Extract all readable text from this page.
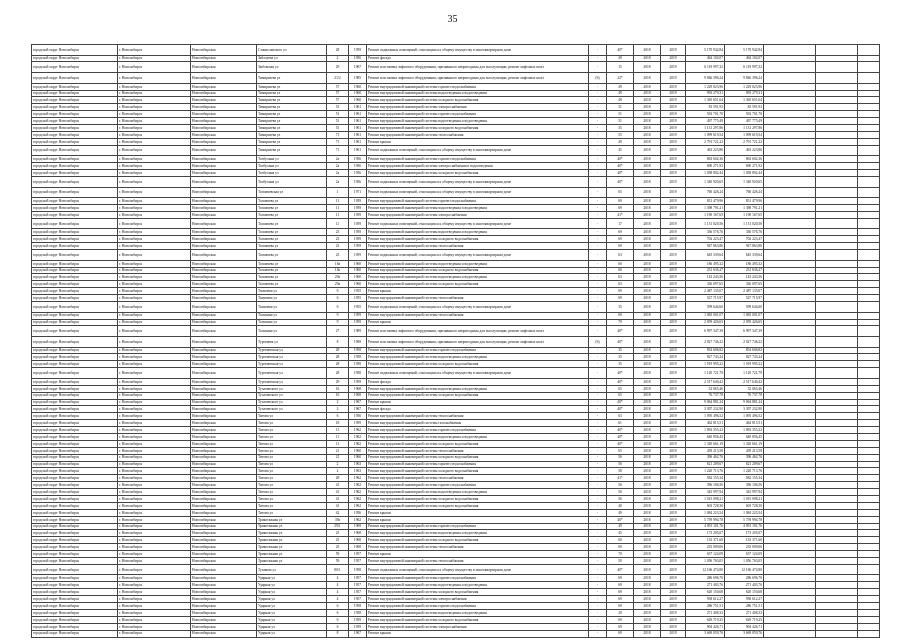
35
городской округ Новосибирск	г. Новосибирск	Новосибирская	Станиславского ул	28	1959	Ремонт подвальных помещений, относящихся к общему имуществу в многоквартирном доме	-	40*	2018	2019	5 170 942,84	5 170 942,84			
городской округ Новосибирск	г. Новосибирск	Новосибирская	Забалуева ул	2	1956	Ремонт фасада	-	49	2018	2019	464 102,07	464 102,07			
городской округ Новосибирск	г. Новосибирск	Новосибирская	Зыбовская ул	29	1967	Ремонт или замена лифтового оборудования, признанного непригодным для эксплуатации, ремонт лифтовых шахт	-	15	2018	2019	6 119 997,32	6 119 997,32			
городской округ Новосибирск	г. Новосибирск	Новосибирская	Тимирязева ул	21/2	1985	Ремонт или замена лифтового оборудования, признанного непригодным для эксплуатации, ремонт лифтовых шахт	(6)	22*	2018	2019	9 846 396,24	9 846 396,24			
городской округ Новосибирск	г. Новосибирск	Новосибирская	Тимирязева ул	57	1960	Ремонт внутридомовой инженерной системы горячего водоснабжения	-	49	2018	2019	1 229 023,96	1 229 023,96			
городской округ Новосибирск	г. Новосибирск	Новосибирская	Тимирязева ул	57	1960	Ремонт внутридомовой инженерной системы водоотведения и водоотведения	-	49	2018	2019	993 279,31	993 279,31			
городской округ Новосибирск	г. Новосибирск	Новосибирская	Тимирязева ул	57	1960	Ремонт внутридомовой инженерной системы холодного водоснабжения	-	49	2018	2019	1 365 651,64	1 365 651,64			
городской округ Новосибирск	г. Новосибирск	Новосибирская	Тимирязева ул	51	1961	Ремонт внутридомовой инженерной системы электроснабжения	-	51	2018	2019	83 591,93	83 591,93			
городской округ Новосибирск	г. Новосибирск	Новосибирская	Тимирязева ул	51	1961	Ремонт внутридомовой инженерной системы горячего водоснабжения	-	51	2018	2019	592 701,70	592 701,70			
городской округ Новосибирск	г. Новосибирск	Новосибирская	Тимирязева ул	51	1961	Ремонт внутридомовой инженерной системы водоотведения и водоотведения	-	51	2018	2019	497 775,49	497 775,49			
городской округ Новосибирск	г. Новосибирск	Новосибирская	Тимирязева ул	51	1961	Ремонт внутридомовой инженерной системы холодного водоснабжения	-	35	2018	2019	1 131 297,86	1 131 297,86			
городской округ Новосибирск	г. Новосибирск	Новосибирская	Тимирязева ул	71	1961	Ремонт внутридомовой инженерной системы теплоснабжения	-	55	2018	2019	1 099 619,54	1 099 619,54			
городской округ Новосибирск	г. Новосибирск	Новосибирская	Тимирязева ул	71	1961	Ремонт крыши	-	49	2018	2019	2 791 721,22	2 791 721,22			
городской округ Новосибирск	г. Новосибирск	Новосибирская	Тимирязева ул	71	1961	Ремонт подвальных помещений, относящихся к общему имуществу в многоквартирном доме	-	45	2018	2019	463 223,86	463 223,86			
городской округ Новосибирск	г. Новосибирск	Новосибирская	Толбухина ул	2а	1956	Ремонт внутридомовой инженерной системы горячего водоснабжения	-	40*	2018	2019	863 602,36	863 602,36			
городской округ Новосибирск	г. Новосибирск	Новосибирская	Толбухина ул	2а	1956	Ремонт внутридомовой инженерной системы электроснабжения и водоотведения	-	40*	2018	2019	690 271,92	690 271,92			
городской округ Новосибирск	г. Новосибирск	Новосибирская	Толбухина ул	2а	1956	Ремонт внутридомовой инженерной системы холодного водоснабжения	-	40*	2018	2019	1 058 802,44	1 058 802,44			
городской округ Новосибирск	г. Новосибирск	Новосибирская	Толбухина ул	2а	1956	Ремонт подвальных помещений, относящихся к общему имуществу в многоквартирном доме	-	40*	2018	2019	1 340 920,65	1 340 920,65			
городской округ Новосибирск	г. Новосибирск	Новосибирская	Толмачевская ул	1	1971	Ремонт подвальных помещений, относящихся к общему имуществу в многоквартирном доме	-	65	2018	2019	760 426,24	760 426,24			
городской округ Новосибирск	г. Новосибирск	Новосибирская	Толмачева ул	11	1959	Ремонт внутридомовой инженерной системы горячего водоснабжения	-	69	2018	2019	831 479,96	831 479,96			
городской округ Новосибирск	г. Новосибирск	Новосибирская	Толмачева ул	11	1959	Ремонт внутридомовой инженерной системы водоотведения и водоотведения	-	69	2018	2019	1 398 791,21	1 398 791,21			
городской округ Новосибирск	г. Новосибирск	Новосибирская	Толмачева ул	11	1959	Ремонт внутридомовой инженерной системы электроснабжения	-	41*	2018	2019	1 190 167,65	1 190 167,65			
городской округ Новосибирск	г. Новосибирск	Новосибирская	Толмачева ул	11	1959	Ремонт подвальных помещений, относящихся к общему имуществу в многоквартирном доме	-	17	2018	2019	1 151 020,56	1 151 020,56			
городской округ Новосибирск	г. Новосибирск	Новосибирская	Толмачева ул	23	1959	Ремонт внутридомовой инженерной системы водоотведения и водоотведения	-	69	2018	2019	336 576,76	336 576,76			
городской округ Новосибирск	г. Новосибирск	Новосибирская	Толмачева ул	23	1959	Ремонт внутридомовой инженерной системы холодного водоснабжения	-	69	2018	2019	702 223,47	702 223,47			
городской округ Новосибирск	г. Новосибирск	Новосибирская	Толмачева ул	23	1959	Ремонт внутридомовой инженерной системы теплоснабжения	-	69	2018	2019	947 863,86	947 863,86			
городской округ Новосибирск	г. Новосибирск	Новосибирская	Толмачева ул	23	1959	Ремонт подвальных помещений, относящихся к общему имуществу в многоквартирном доме	-	63	2018	2019	645 339,64	645 339,64			
городской округ Новосибирск	г. Новосибирск	Новосибирская	Толмачева ул	18а	1960	Ремонт внутридомовой инженерной системы водоотведения и водоотведения	-	60	2018	2019	186 495,32	186 495,32			
городской округ Новосибирск	г. Новосибирск	Новосибирская	Толмачева ул	18а	1960	Ремонт внутридомовой инженерной системы холодного водоснабжения	-	60	2018	2019	231 636,27	231 636,27			
городской округ Новосибирск	г. Новосибирск	Новосибирская	Толмачева ул	29а	1960	Ремонт внутридомовой инженерной системы водоотведения и водоотведения	-	63	2018	2019	143 243,56	143 243,56			
городской округ Новосибирск	г. Новосибирск	Новосибирская	Толмачева ул	29а	1960	Ремонт внутридомовой инженерной системы холодного водоснабжения	-	63	2018	2019	336 097,65	336 097,65			
городской округ Новосибирск	г. Новосибирск	Новосибирская	Томичева ул	6	1955	Ремонт крыши	-	69	2018	2019	2 487 135,07	2 487 135,07			
городской округ Новосибирск	г. Новосибирск	Новосибирская	Томичева ул	6	1955	Ремонт внутридомовой инженерной системы теплоснабжения	-	69	2018	2019	527 715,97	527 715,97			
городской округ Новосибирск	г. Новосибирск	Новосибирская	Томичева ул	6	1955	Ремонт подвальных помещений, относящихся к общему имуществу в многоквартирном доме	-	35	2018	2019	599 644,60	599 644,60			
городской округ Новосибирск	г. Новосибирск	Новосибирская	Тольмана ул	9	1959	Ремонт внутридомовой инженерной системы теплоснабжения	-	60	2018	2019	1 065 001,07	1 065 001,07			
городской округ Новосибирск	г. Новосибирск	Новосибирская	Тольмана ул	9	1959	Ремонт крыши	-	70	2018	2019	2 059 426,65	2 059 426,65			
городской округ Новосибирск	г. Новосибирск	Новосибирская	Тольмана ул	27	1989	Ремонт или замена лифтового оборудования, признанного непригодным для эксплуатации, ремонт лифтовых шахт	-	40*	2018	2019	6 997 347,39	6 997 347,39			
городской округ Новосибирск	г. Новосибирск	Новосибирская	Тургенева ул	8	1969	Ремонт или замена лифтового оборудования, признанного непригодным для эксплуатации, ремонт лифтовых шахт	(6)	40*	2018	2019	2 027 746,22	2 027 746,22			
городской округ Новосибирск	г. Новосибирск	Новосибирская	Тургеневская ул	28	1958	Ремонт внутридомовой инженерной системы горячего водоснабжения	-	35	2018	2019	854 606,82	854 606,82			
городской округ Новосибирск	г. Новосибирск	Новосибирская	Тургеневская ул	28	1958	Ремонт внутридомовой инженерной системы водоотведения и водоотведения	-	35	2018	2019	827 743,24	827 743,24			
городской округ Новосибирск	г. Новосибирск	Новосибирская	Тургеневская ул	28	1958	Ремонт внутридомовой инженерной системы холодного водоснабжения	-	35	2018	2019	1 919 995,22	1 919 995,22			
городской округ Новосибирск	г. Новосибирск	Новосибирская	Тургеневская ул	28	1958	Ремонт подвальных помещений, относящихся к общему имуществу в многоквартирном доме	-	40*	2018	2019	1 120 721,79	1 120 721,79			
городской округ Новосибирск	г. Новосибирск	Новосибирская	Тургеневская ул	29	1959	Ремонт фасада	-	40*	2018	2019	2 517 640,42	2 517 640,42			
городской округ Новосибирск	г. Новосибирск	Новосибирская	Тухачевского ул	16	1968	Ремонт внутридомовой инженерной системы водоотведения и водоотведения	-	65	2018	2019	52 065,46	52 065,46			
городской округ Новосибирск	г. Новосибирск	Новосибирская	Тухачевского ул	16	1968	Ремонт внутридомовой инженерной системы холодного водоснабжения	-	65	2018	2019	76 737,78	76 737,78			
городской округ Новосибирск	г. Новосибирск	Новосибирская	Тухачевского ул	2	1967	Ремонт крыши	-	40*	2018	2019	9 064 881,24	9 064 881,24			
городской округ Новосибирск	г. Новосибирск	Новосибирская	Тухачевского ул	2	1967	Ремонт фасада	-	40*	2018	2019	3 397 232,90	3 397 232,90			
городской округ Новосибирск	г. Новосибирск	Новосибирская	Титова ул	6	1956	Ремонт внутридомовой инженерной системы теплоснабжения	-	63	2018	2019	1 095 496,52	1 095 496,52			
городской округ Новосибирск	г. Новосибирск	Новосибирская	Титова ул	18	1959	Ремонт внутридомовой инженерной системы газоснабжения	-	61	2018	2019	462 815,51	462 815,51			
городской округ Новосибирск	г. Новосибирск	Новосибирская	Титова ул	11	1962	Ремонт внутридомовой инженерной системы горячего водоснабжения	-	40*	2018	2019	1 092 355,22	1 092 355,22			
городской округ Новосибирск	г. Новосибирск	Новосибирская	Титова ул	11	1962	Ремонт внутридомовой инженерной системы водоотведения и водоотведения	-	40*	2018	2019	640 856,45	640 856,45			
городской округ Новосибирск	г. Новосибирск	Новосибирская	Титова ул	11	1962	Ремонт внутридомовой инженерной системы холодного водоснабжения	-	40*	2018	2019	1 320 661,19	1 320 661,19			
городской округ Новосибирск	г. Новосибирск	Новосибирская	Титова ул	21	1960	Ремонт внутридомовой инженерной системы теплоснабжения	-	65	2018	2019	439 213,58	439 213,58			
городской округ Новосибирск	г. Новосибирск	Новосибирская	Титова ул	21	1960	Ремонт внутридомовой инженерной системы холодного водоснабжения	-	56	2018	2019	396 462,76	396 462,76			
городской округ Новосибирск	г. Новосибирск	Новосибирская	Титова ул	2	1963	Ремонт внутридомовой инженерной системы горячего водоснабжения	-	56	2018	2019	621 209,67	621 209,67			
городской округ Новосибирск	г. Новосибирск	Новосибирская	Титова ул	2	1963	Ремонт внутридомовой инженерной системы холодного водоснабжения	-	58	2018	2019	1 220 713,76	1 220 713,76			
городской округ Новосибирск	г. Новосибирск	Новосибирская	Титова ул	28	1962	Ремонт внутридомовой инженерной системы теплоснабжения	-	41*	2018	2019	582 155,34	582 155,34			
городской округ Новосибирск	г. Новосибирск	Новосибирская	Титова ул	41	1962	Ремонт внутридомовой инженерной системы горячего водоснабжения	-	56	2018	2019	396 106,56	396 106,56			
городской округ Новосибирск	г. Новосибирск	Новосибирская	Титова ул	41	1962	Ремонт внутридомовой инженерной системы водоотведения и водоотведения	-	56	2018	2019	343 997,94	343 997,94			
городской округ Новосибирск	г. Новосибирск	Новосибирская	Титова ул	41	1962	Ремонт внутридомовой инженерной системы холодного водоснабжения	-	56	2018	2019	1 015 098,21	1 015 098,21			
городской округ Новосибирск	г. Новосибирск	Новосибирская	Титова ул	41	1962	Ремонт внутридомовой инженерной системы холодного водоснабжения	-	40	2018	2019	603 728,30	603 728,30			
городской округ Новосибирск	г. Новосибирск	Новосибирская	Титова ул	42	1956	Ремонт крыши	-	49	2018	2019	1 084 223,54	1 084 223,54			
городской округ Новосибирск	г. Новосибирск	Новосибирская	Трикотажная ул	39а	1962	Ремонт крыши	-	40*	2018	2019	5 759 994,78	5 759 994,78			
городской округ Новосибирск	г. Новосибирск	Новосибирская	Трикотажная ул	29/1	1969	Ремонт внутридомовой инженерной системы горячего водоснабжения	-	49	2018	2019	4 091 101,76	4 091 101,76			
городской округ Новосибирск	г. Новосибирск	Новосибирская	Трикотажная ул	25	1968	Ремонт внутридомовой инженерной системы водоотведения и водоотведения	-	45	2018	2019	173 205,07	173 205,07			
городской округ Новосибирск	г. Новосибирск	Новосибирская	Трикотажная ул	25	1968	Ремонт внутридомовой инженерной системы холодного водоснабжения	-	60	2018	2019	133 371,60	133 371,60			
городской округ Новосибирск	г. Новосибирск	Новосибирская	Трикотажная ул	25	1968	Ремонт внутридомовой инженерной системы теплоснабжения	-	60	2018	2019	235 009,06	235 009,06			
городской округ Новосибирск	г. Новосибирск	Новосибирская	Трикотажная ул	59	1957	Ремонт крыши	-	70	2018	2019	657 124,09	657 124,09			
городской округ Новосибирск	г. Новосибирск	Новосибирская	Трикотажная ул	59	1957	Ремонт внутридомовой инженерной системы теплоснабжения	-	50	2018	2019	1 056 763,05	1 056 763,05			
городской округ Новосибирск	г. Новосибирск	Новосибирская	Тузакова ул	80/1	1958	Ремонт подвальных помещений, относящихся к общему имуществу в многоквартирном доме	-	40*	2018	2019	12 166 474,80	12 166 474,80			
городской округ Новосибирск	г. Новосибирск	Новосибирская	Ударная ул	4	1957	Ремонт внутридомовой инженерной системы горячего водоснабжения	-	69	2018	2019	286 696,70	286 696,70			
городской округ Новосибирск	г. Новосибирск	Новосибирская	Ударная ул	4	1957	Ремонт внутридомовой инженерной системы водоотведения и водоотведения	-	69	2018	2019	271 403,76	271 403,76			
городской округ Новосибирск	г. Новосибирск	Новосибирская	Ударная ул	4	1957	Ремонт внутридомовой инженерной системы холодного водоснабжения	-	69	2018	2019	620 150,68	620 150,68			
городской округ Новосибирск	г. Новосибирск	Новосибирская	Ударная ул	4	1957	Ремонт внутридомовой инженерной системы электроснабжения	-	69	2018	2019	938 612,27	938 612,27			
городской округ Новосибирск	г. Новосибирск	Новосибирская	Ударная ул	6	1958	Ремонт внутридомовой инженерной системы горячего водоснабжения	-	69	2018	2019	286 751,51	286 751,51			
городской округ Новосибирск	г. Новосибирск	Новосибирская	Ударная ул	6	1958	Ремонт внутридомовой инженерной системы водоотведения и водоотведения	-	20	2018	2019	271 408,33	271 408,33			
городской округ Новосибирск	г. Новосибирск	Новосибирская	Ударная ул	6	1959	Ремонт внутридомовой инженерной системы холодного водоснабжения	-	69	2018	2019	629 719,25	629 719,25			
городской округ Новосибирск	г. Новосибирск	Новосибирская	Ударная ул	6	1959	Ремонт внутридомовой инженерной системы электроснабжения	-	69	2018	2019	904 426,71	904 426,71			
городской округ Новосибирск	г. Новосибирск	Новосибирская	Ударная ул	8	1967	Ремонт крыши	-	69	2018	2019	3 669 059,76	3 669 059,76			
